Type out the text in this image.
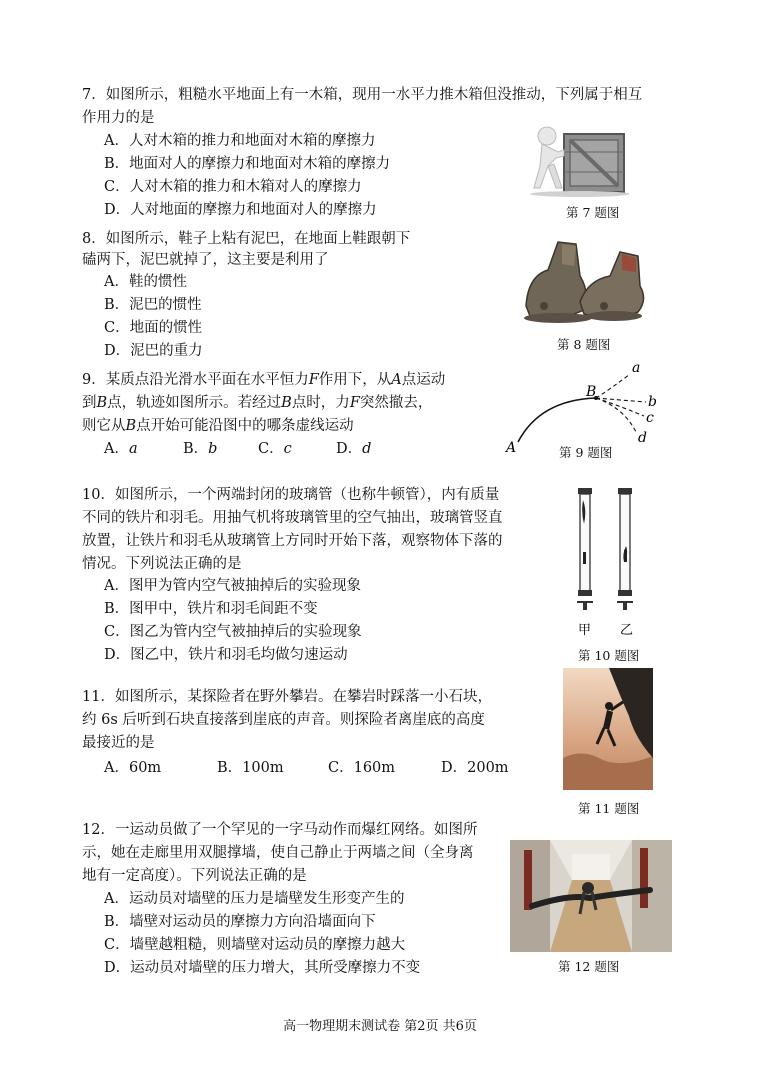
7．如图所示，粗糙水平地面上有一木箱，现用一水平力推木箱但没推动，下列属于相互
作用力的是
A．人对木箱的推力和地面对木箱的摩擦力
B．地面对人的摩擦力和地面对木箱的摩擦力
C．人对木箱的推力和木箱对人的摩擦力
D．人对地面的摩擦力和地面对人的摩擦力	第 7 题图
8．如图所示，鞋子上粘有泥巴，在地面上鞋跟朝下
磕两下，泥巴就掉了，这主要是利用了
A．鞋的惯性
B．泥巴的惯性
C．地面的惯性
D．泥巴的重力	第 8 题图
9．某质点沿光滑水平面在水平恒力F作用下，从A点运动
到B点，轨迹如图所示。若经过B点时，力F突然撤去，
则它从B点开始可能沿图中的哪条虚线运动
A．a	B．b	C．c	D．d
a
B
b
c
d
A	第 9 题图
10．如图所示，一个两端封闭的玻璃管（也称牛顿管），内有质量
不同的铁片和羽毛。用抽气机将玻璃管里的空气抽出，玻璃管竖直
放置，让铁片和羽毛从玻璃管上方同时开始下落，观察物体下落的
情况。下列说法正确的是
A．图甲为管内空气被抽掉后的实验现象
B．图甲中，铁片和羽毛间距不变
C．图乙为管内空气被抽掉后的实验现象
D．图乙中，铁片和羽毛均做匀速运动
甲 乙
第 10 题图
11．如图所示，某探险者在野外攀岩。在攀岩时踩落一小石块，
约 6s 后听到石块直接落到崖底的声音。则探险者离崖底的高度
最接近的是
A．60m	B．100m	C．160m	D．200m
第 11 题图
12．一运动员做了一个罕见的一字马动作而爆红网络。如图所
示，她在走廊里用双腿撑墙，使自己静止于两墙之间（全身离
地有一定高度）。下列说法正确的是
A．运动员对墙壁的压力是墙壁发生形变产生的
B．墙壁对运动员的摩擦力方向沿墙面向下
C．墙壁越粗糙，则墙壁对运动员的摩擦力越大
D．运动员对墙壁的压力增大，其所受摩擦力不变	第 12 题图
高一物理期末测试卷 第2页 共6页
